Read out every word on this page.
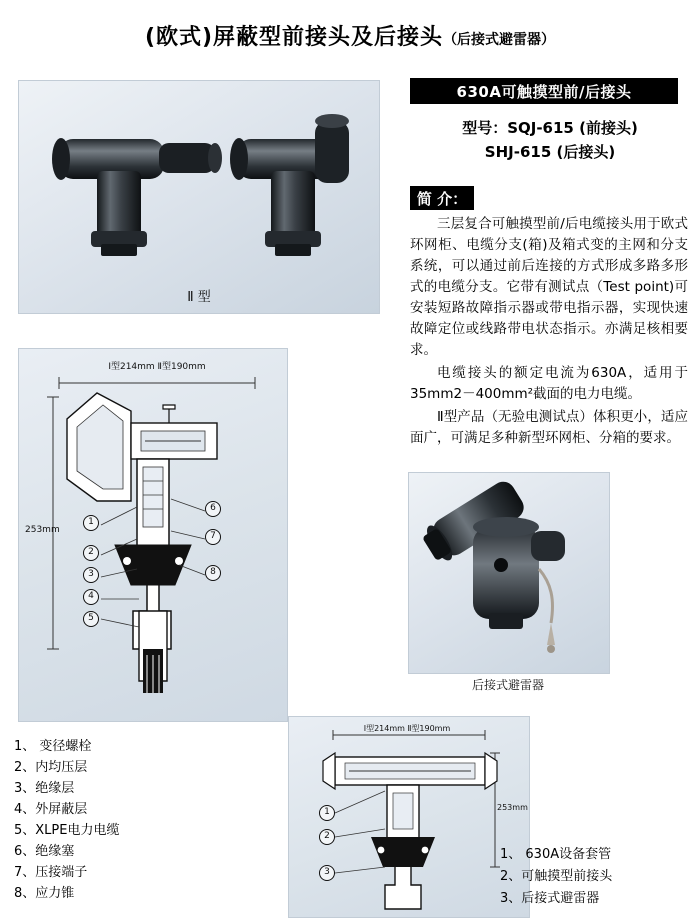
(欧式)屏蔽型前接头及后接头（后接式避雷器）
Ⅱ 型
630A可触摸型前/后接头
型号：SQJ-615 (前接头)
SHJ-615 (后接头)
简 介：

三层复合可触摸型前/后电缆接头用于欧式环网柜、电缆分支(箱)及箱式变的主网和分支系统，可以通过前后连接的方式形成多路多形式的电缆分支。它带有测试点（Test point)可安装短路故障指示器或带电指示器，实现快速故障定位或线路带电状态指示。亦满足核相要求。

电缆接头的额定电流为630A，适用于35mm2－400mm²截面的电力电缆。

Ⅱ型产品（无验电测试点）体积更小，适应面广，可满足多种新型环网柜、分箱的要求。

Ⅰ型214mm Ⅱ型190mm
253mm
1
2
3
4
5
6
7
8
后接式避雷器
Ⅰ型214mm Ⅱ型190mm
253mm
1
2
3
1、 变径螺栓
2、内均压层
3、绝缘层
4、外屏蔽层
5、XLPE电力电缆
6、绝缘塞
7、压接端子
8、应力锥
1、 630A设备套管
2、可触摸型前接头
3、后接式避雷器
